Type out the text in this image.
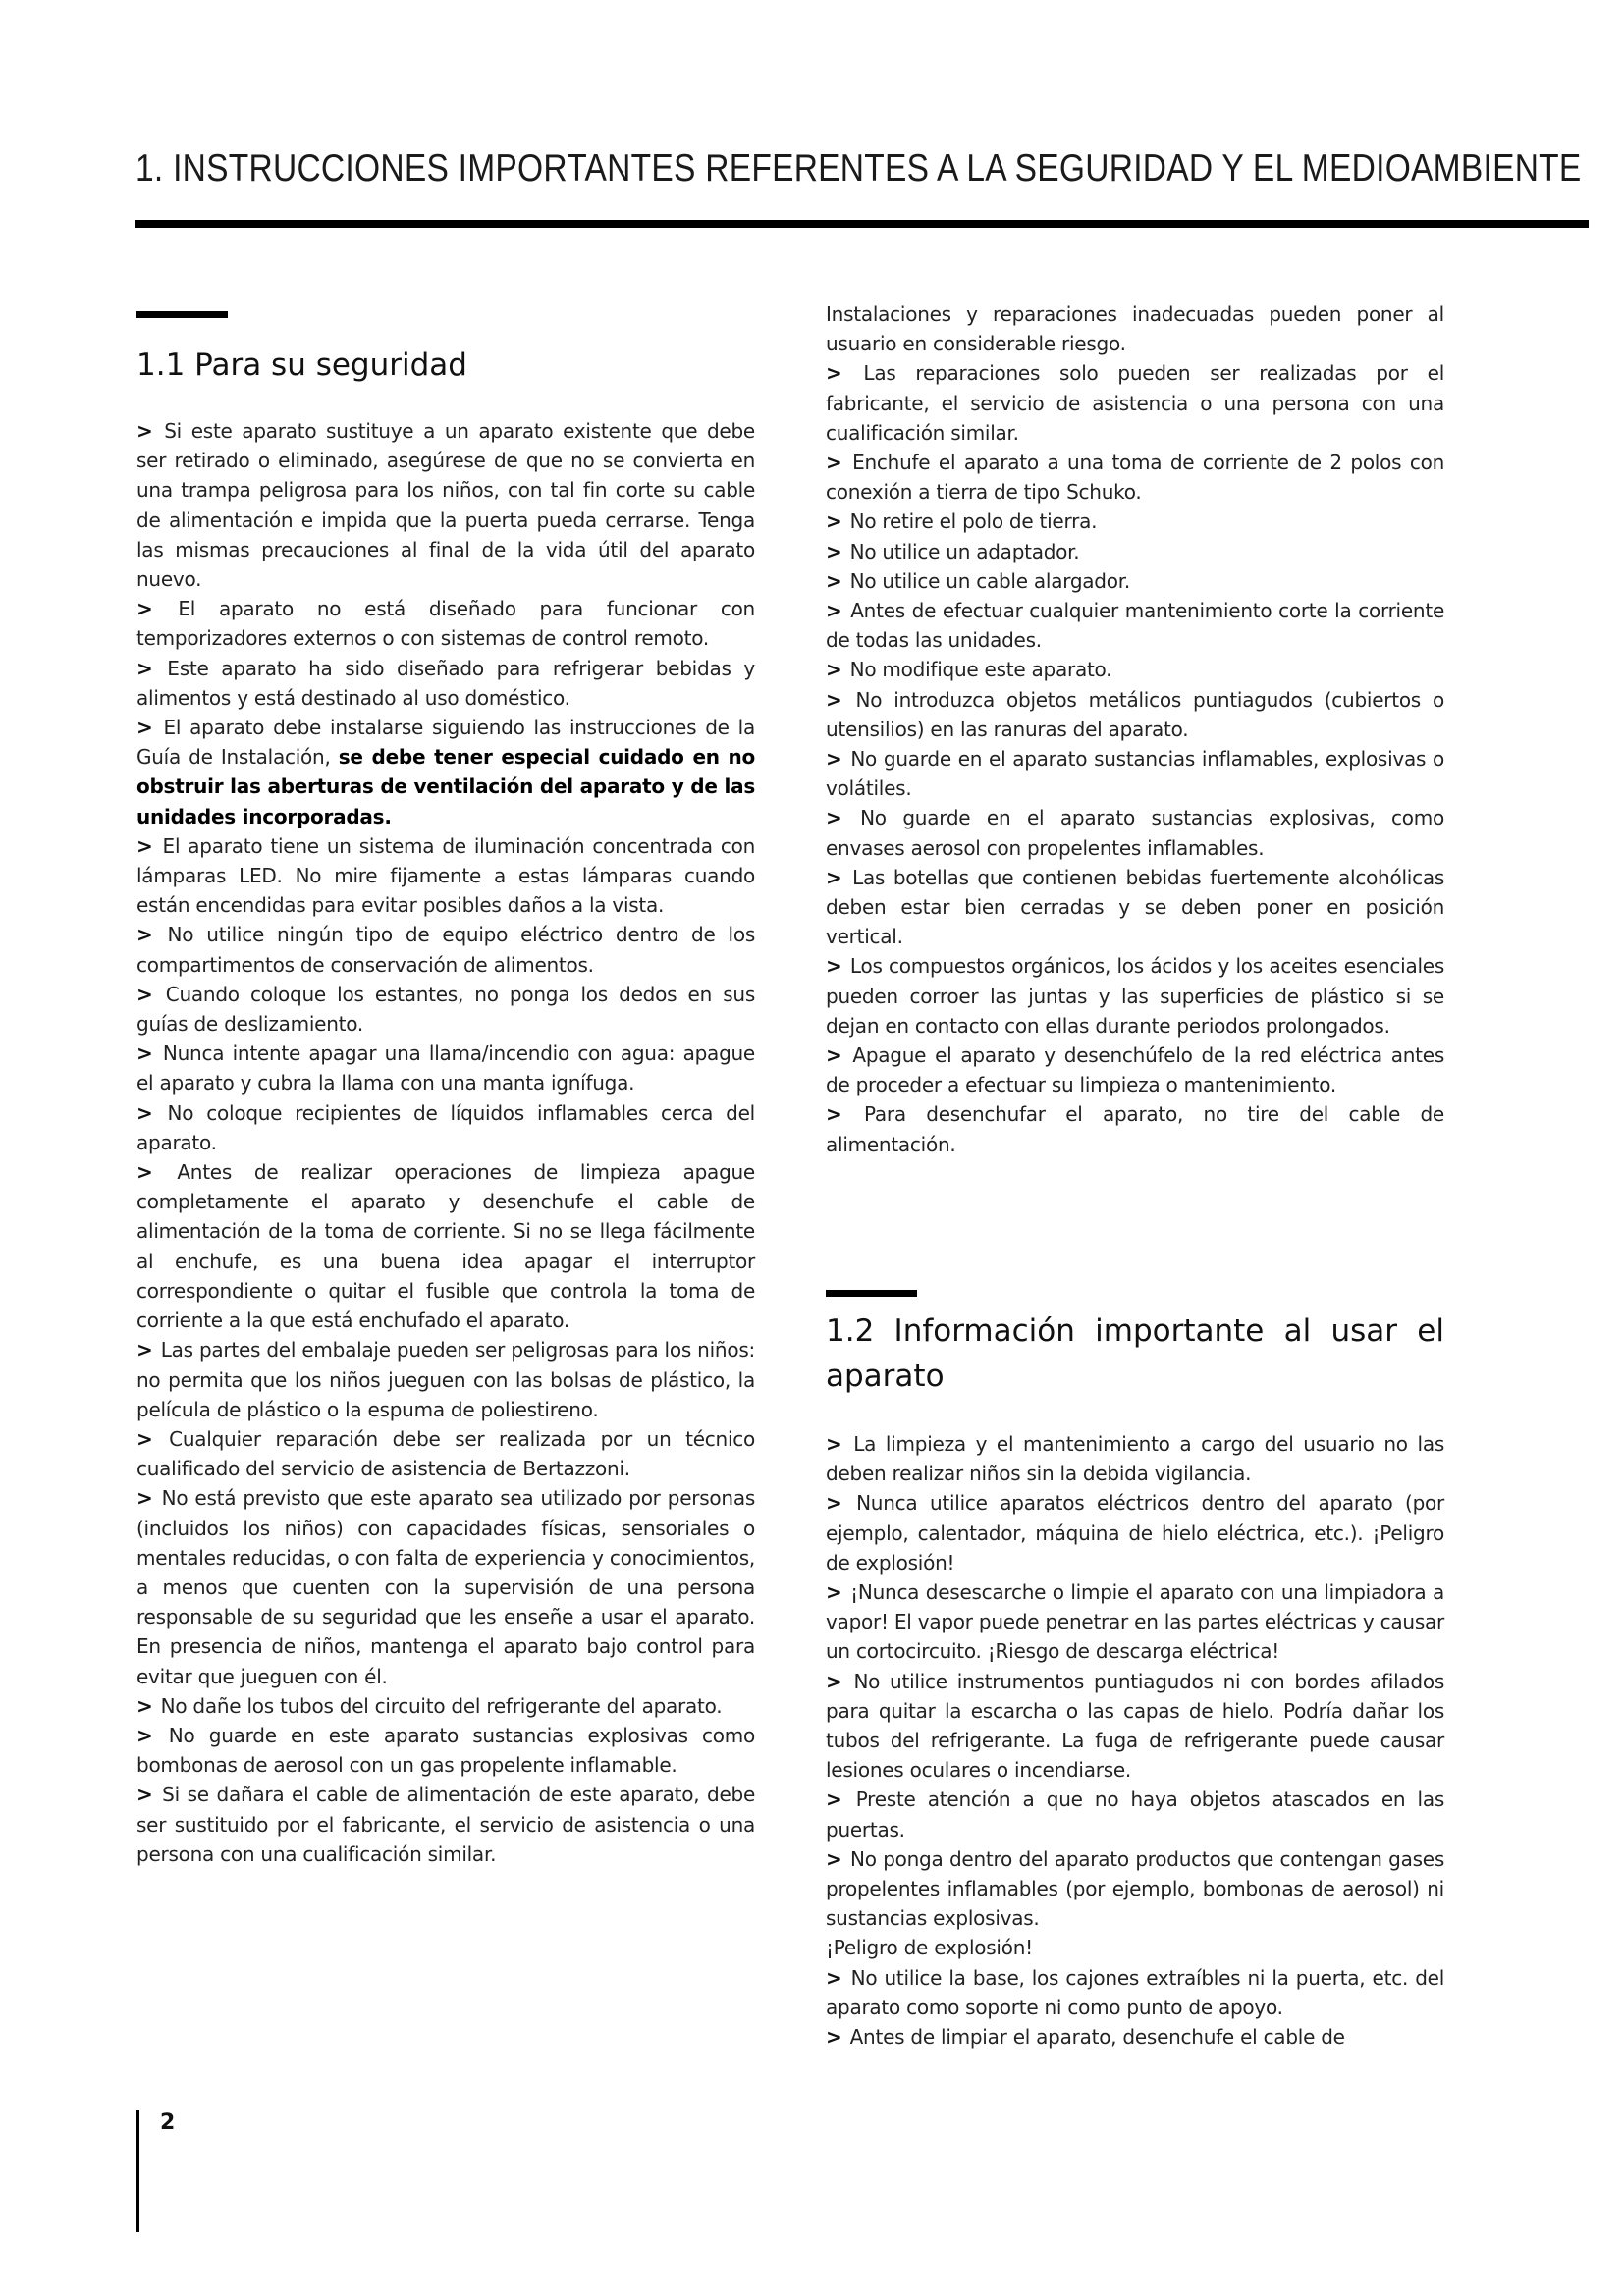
1. INSTRUCCIONES IMPORTANTES REFERENTES A LA SEGURIDAD Y EL MEDIOAMBIENTE
1.1 Para su seguridad
> Si este aparato sustituye a un aparato existente que debe ser retirado o eliminado, asegúrese de que no se convierta en una trampa peligrosa para los niños, con tal fin corte su cable de alimentación e impida que la puerta pueda cerrarse. Tenga las mismas precauciones al final de la vida útil del aparato nuevo.
> El aparato no está diseñado para funcionar con temporizadores externos o con sistemas de control remoto.
> Este aparato ha sido diseñado para refrigerar bebidas y alimentos y está destinado al uso doméstico.
> El aparato debe instalarse siguiendo las instrucciones de la Guía de Instalación, se debe tener especial cuidado en no obstruir las aberturas de ventilación del aparato y de las unidades incorporadas.
> El aparato tiene un sistema de iluminación concentrada con lámparas LED. No mire fijamente a estas lámparas cuando están encendidas para evitar posibles daños a la vista.
> No utilice ningún tipo de equipo eléctrico dentro de los compartimentos de conservación de alimentos.
> Cuando coloque los estantes, no ponga los dedos en sus guías de deslizamiento.
> Nunca intente apagar una llama/incendio con agua: apague el aparato y cubra la llama con una manta ignífuga.
> No coloque recipientes de líquidos inflamables cerca del aparato.
> Antes de realizar operaciones de limpieza apague completamente el aparato y desenchufe el cable de alimentación de la toma de corriente. Si no se llega fácilmente al enchufe, es una buena idea apagar el interruptor correspondiente o quitar el fusible que controla la toma de corriente a la que está enchufado el aparato.
> Las partes del embalaje pueden ser peligrosas para los niños: no permita que los niños jueguen con las bolsas de plástico, la película de plástico o la espuma de poliestireno.
> Cualquier reparación debe ser realizada por un técnico cualificado del servicio de asistencia de Bertazzoni.
> No está previsto que este aparato sea utilizado por personas (incluidos los niños) con capacidades físicas, sensoriales o mentales reducidas, o con falta de experiencia y conocimientos, a menos que cuenten con la supervisión de una persona responsable de su seguridad que les enseñe a usar el aparato. En presencia de niños, mantenga el aparato bajo control para evitar que jueguen con él.
> No dañe los tubos del circuito del refrigerante del aparato.
> No guarde en este aparato sustancias explosivas como bombonas de aerosol con un gas propelente inflamable.
> Si se dañara el cable de alimentación de este aparato, debe ser sustituido por el fabricante, el servicio de asistencia o una persona con una cualificación similar.
Instalaciones y reparaciones inadecuadas pueden poner al usuario en considerable riesgo.
> Las reparaciones solo pueden ser realizadas por el fabricante, el servicio de asistencia o una persona con una cualificación similar.
> Enchufe el aparato a una toma de corriente de 2 polos con conexión a tierra de tipo Schuko.
> No retire el polo de tierra.
> No utilice un adaptador.
> No utilice un cable alargador.
> Antes de efectuar cualquier mantenimiento corte la corriente de todas las unidades.
> No modifique este aparato.
> No introduzca objetos metálicos puntiagudos (cubiertos o utensilios) en las ranuras del aparato.
> No guarde en el aparato sustancias inflamables, explosivas o volátiles.
> No guarde en el aparato sustancias explosivas, como envases aerosol con propelentes inflamables.
> Las botellas que contienen bebidas fuertemente alcohólicas deben estar bien cerradas y se deben poner en posición vertical.
> Los compuestos orgánicos, los ácidos y los aceites esenciales pueden corroer las juntas y las superficies de plástico si se dejan en contacto con ellas durante periodos prolongados.
> Apague el aparato y desenchúfelo de la red eléctrica antes de proceder a efectuar su limpieza o mantenimiento.
> Para desenchufar el aparato, no tire del cable de alimentación.
1.2 Información importante al usar el aparato
> La limpieza y el mantenimiento a cargo del usuario no las deben realizar niños sin la debida vigilancia.
> Nunca utilice aparatos eléctricos dentro del aparato (por ejemplo, calentador, máquina de hielo eléctrica, etc.). ¡Peligro de explosión!
> ¡Nunca desescarche o limpie el aparato con una limpiadora a vapor! El vapor puede penetrar en las partes eléctricas y causar un cortocircuito. ¡Riesgo de descarga eléctrica!
> No utilice instrumentos puntiagudos ni con bordes afilados para quitar la escarcha o las capas de hielo. Podría dañar los tubos del refrigerante. La fuga de refrigerante puede causar lesiones oculares o incendiarse.
> Preste atención a que no haya objetos atascados en las puertas.
> No ponga dentro del aparato productos que contengan gases propelentes inflamables (por ejemplo, bombonas de aerosol) ni sustancias explosivas.
¡Peligro de explosión!
> No utilice la base, los cajones extraíbles ni la puerta, etc. del aparato como soporte ni como punto de apoyo.
> Antes de limpiar el aparato, desenchufe el cable de
2
